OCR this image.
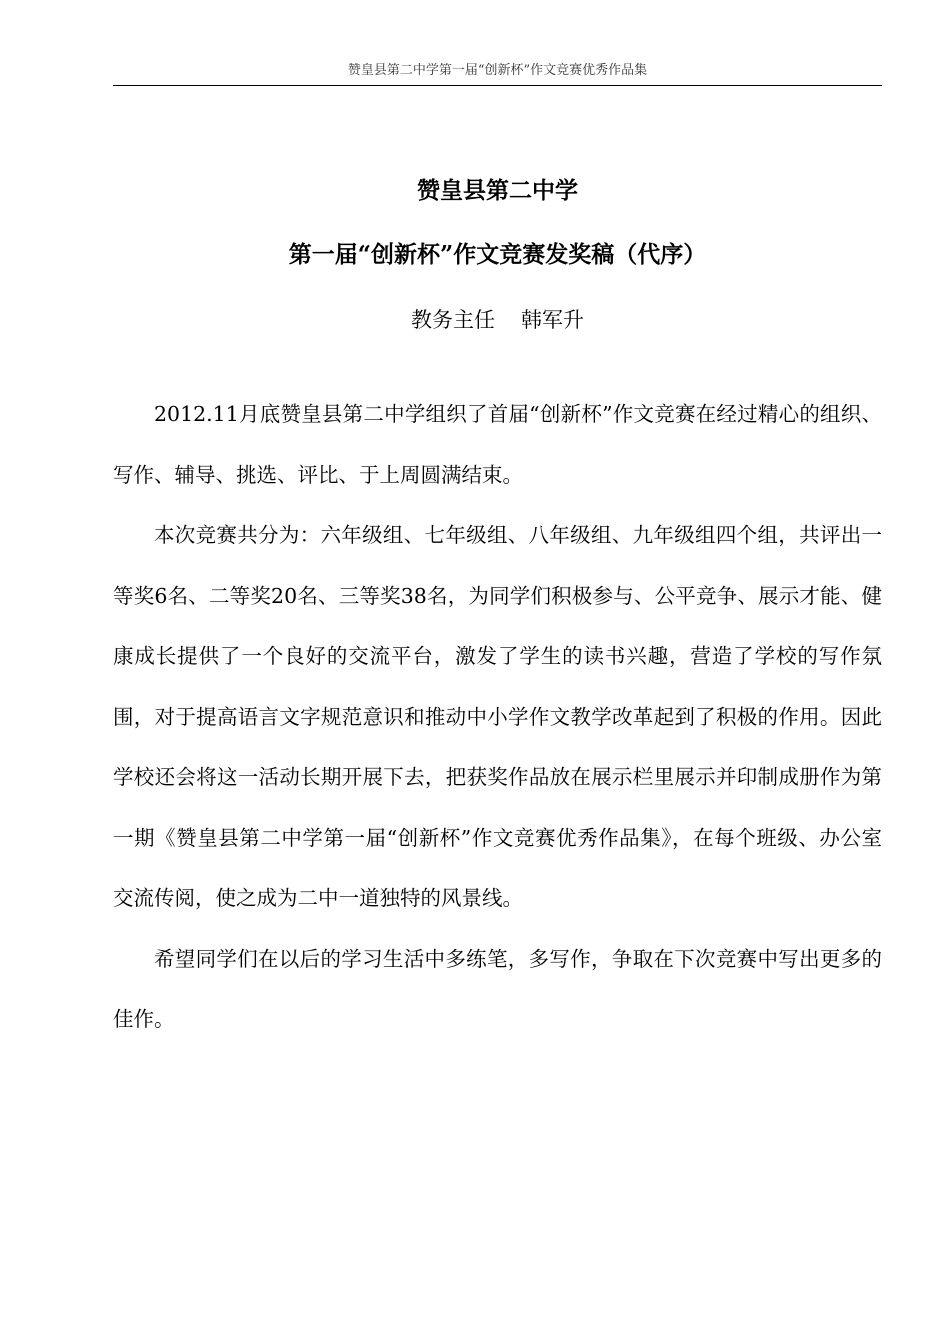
赞皇县第二中学第一届“创新杯”作文竞赛优秀作品集
赞皇县第二中学
第一届“创新杯”作文竞赛发奖稿（代序）
教务主任 韩军升

2012.11月底赞皇县第二中学组织了首届“创新杯”作文竞赛在经过精心的组织、写作、辅导、挑选、评比、于上周圆满结束。

本次竞赛共分为：六年级组、七年级组、八年级组、九年级组四个组，共评出一等奖6名、二等奖20名、三等奖38名，为同学们积极参与、公平竞争、展示才能、健康成长提供了一个良好的交流平台，激发了学生的读书兴趣，营造了学校的写作氛围，对于提高语言文字规范意识和推动中小学作文教学改革起到了积极的作用。因此学校还会将这一活动长期开展下去，把获奖作品放在展示栏里展示并印制成册作为第一期《赞皇县第二中学第一届“创新杯”作文竞赛优秀作品集》，在每个班级、办公室交流传阅，使之成为二中一道独特的风景线。

希望同学们在以后的学习生活中多练笔，多写作，争取在下次竞赛中写出更多的佳作。
